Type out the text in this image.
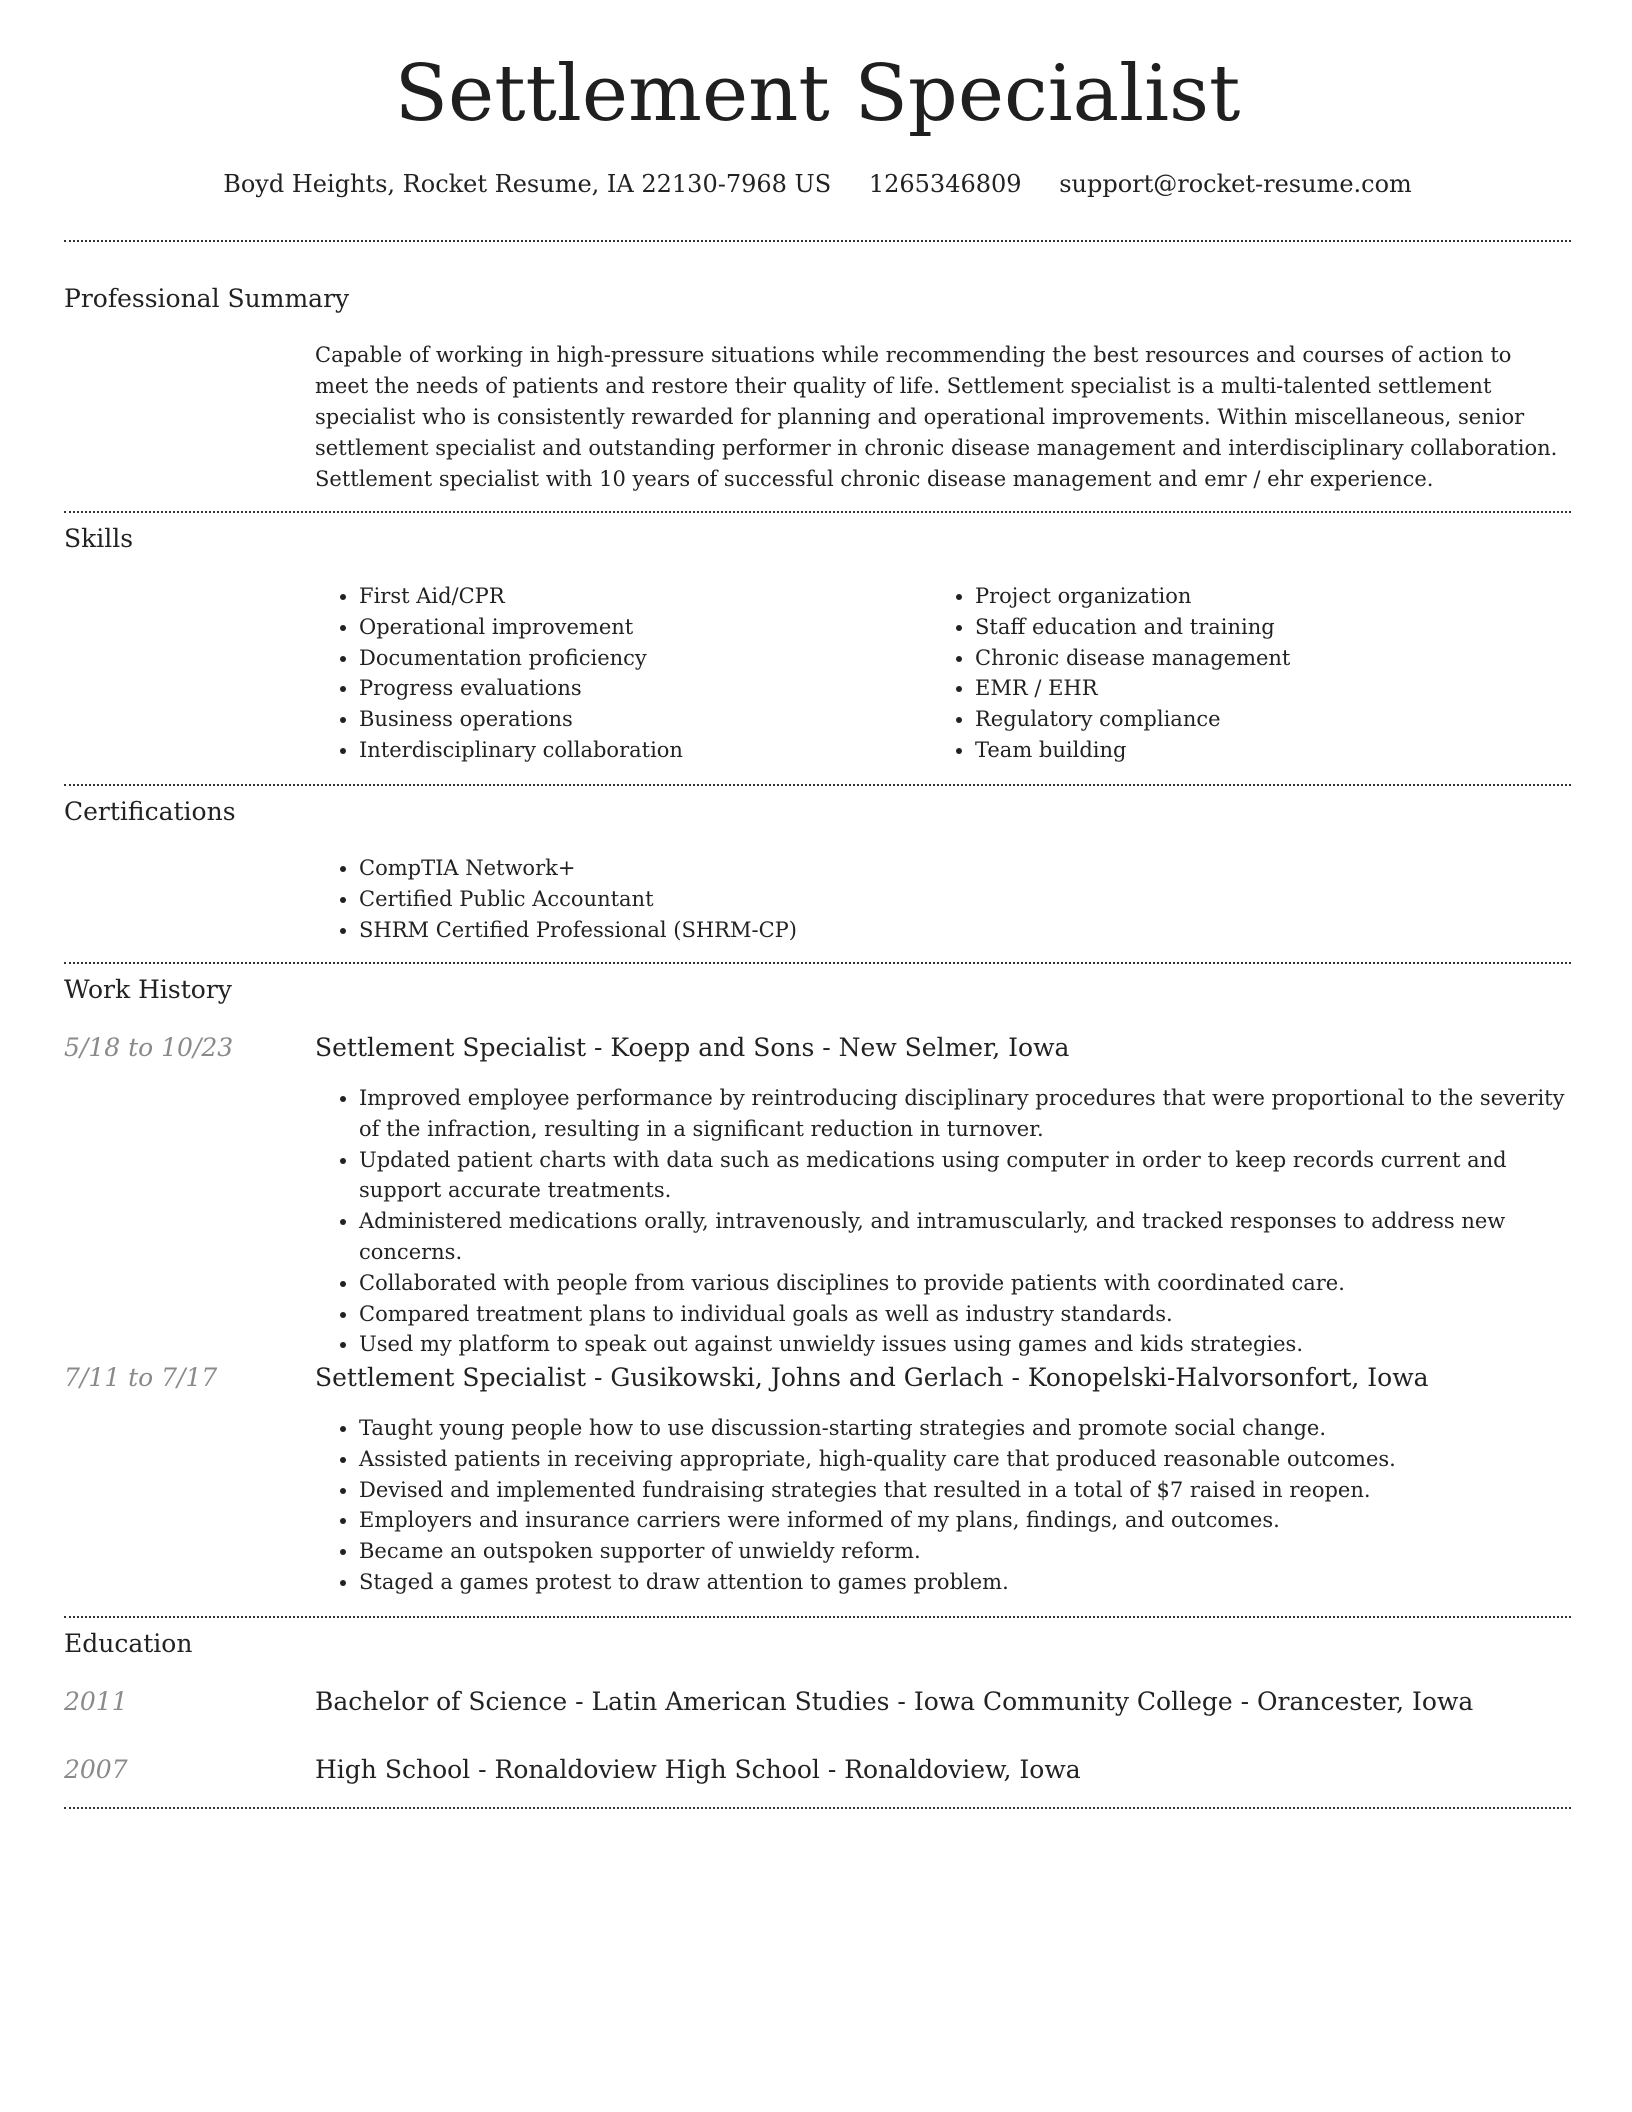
Settlement Specialist
Boyd Heights, Rocket Resume, IA 22130-7968 US 1265346809 support@rocket-resume.com
Professional Summary
Capable of working in high-pressure situations while recommending the best resources and courses of action to meet the needs of patients and restore their quality of life. Settlement specialist is a multi-talented settlement specialist who is consistently rewarded for planning and operational improvements. Within miscellaneous, senior settlement specialist and outstanding performer in chronic disease management and interdisciplinary collaboration. Settlement specialist with 10 years of successful chronic disease management and emr / ehr experience.
Skills
• First Aid/CPR
• Operational improvement
• Documentation proficiency
• Progress evaluations
• Business operations
• Interdisciplinary collaboration
• Project organization
• Staff education and training
• Chronic disease management
• EMR / EHR
• Regulatory compliance
• Team building
Certifications
• CompTIA Network+
• Certified Public Accountant
• SHRM Certified Professional (SHRM-CP)
Work History
5/18 to 10/23	Settlement Specialist - Koepp and Sons - New Selmer, Iowa
• Improved employee performance by reintroducing disciplinary procedures that were proportional to the severity of the infraction, resulting in a significant reduction in turnover.
• Updated patient charts with data such as medications using computer in order to keep records current and support accurate treatments.
• Administered medications orally, intravenously, and intramuscularly, and tracked responses to address new concerns.
• Collaborated with people from various disciplines to provide patients with coordinated care.
• Compared treatment plans to individual goals as well as industry standards.
• Used my platform to speak out against unwieldy issues using games and kids strategies.
7/11 to 7/17	Settlement Specialist - Gusikowski, Johns and Gerlach - Konopelski-Halvorsonfort, Iowa
• Taught young people how to use discussion-starting strategies and promote social change.
• Assisted patients in receiving appropriate, high-quality care that produced reasonable outcomes.
• Devised and implemented fundraising strategies that resulted in a total of $7 raised in reopen.
• Employers and insurance carriers were informed of my plans, findings, and outcomes.
• Became an outspoken supporter of unwieldy reform.
• Staged a games protest to draw attention to games problem.
Education
2011	Bachelor of Science - Latin American Studies - Iowa Community College - Orancester, Iowa
2007	High School - Ronaldoview High School - Ronaldoview, Iowa
